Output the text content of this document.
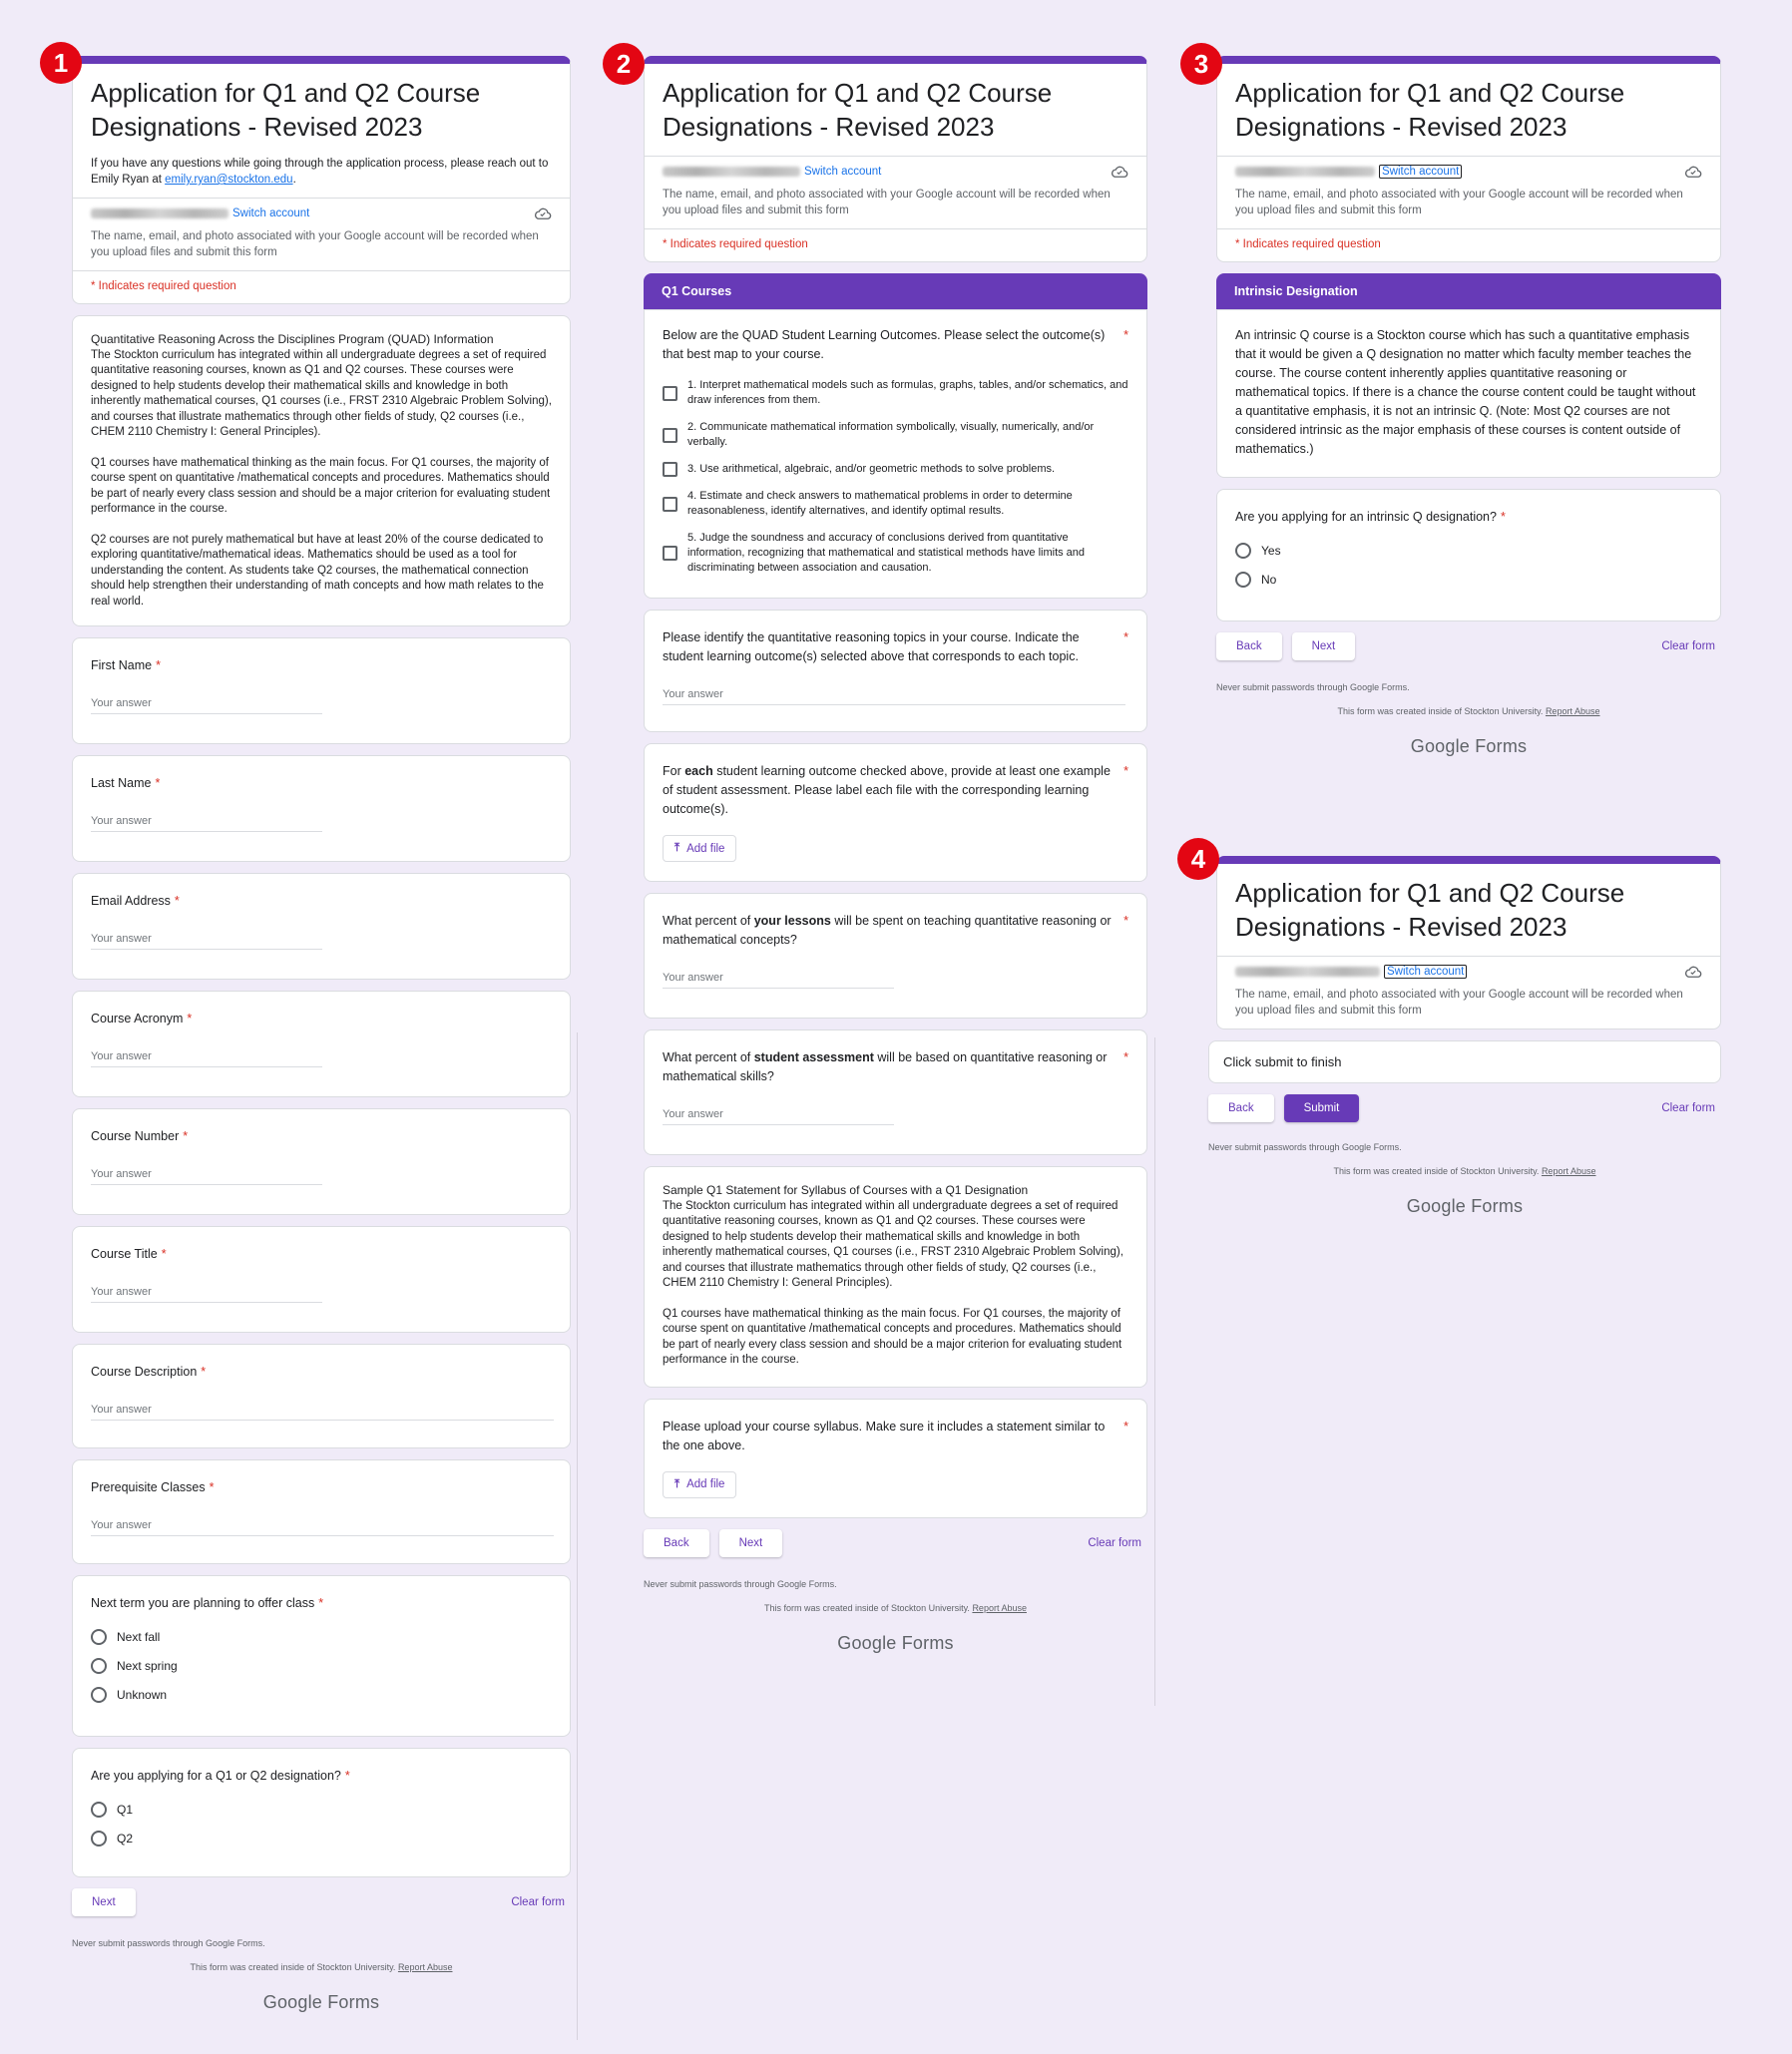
1	2	3
4
Application for Q1 and Q2 Course Designations - Revised 2023
If you have any questions while going through the application process, please reach out to Emily Ryan at emily.ryan@stockton.edu.
Switch account
The name, email, and photo associated with your Google account will be recorded when you upload files and submit this form
* Indicates required question
Quantitative Reasoning Across the Disciplines Program (QUAD) Information
The Stockton curriculum has integrated within all undergraduate degrees a set of required quantitative reasoning courses, known as Q1 and Q2 courses. These courses were designed to help students develop their mathematical skills and knowledge in both inherently mathematical courses, Q1 courses (i.e., FRST 2310 Algebraic Problem Solving), and courses that illustrate mathematics through other fields of study, Q2 courses (i.e., CHEM 2110 Chemistry I: General Principles).
Q1 courses have mathematical thinking as the main focus. For Q1 courses, the majority of course spent on quantitative /mathematical concepts and procedures. Mathematics should be part of nearly every class session and should be a major criterion for evaluating student performance in the course.
Q2 courses are not purely mathematical but have at least 20% of the course dedicated to exploring quantitative/mathematical ideas. Mathematics should be used as a tool for understanding the content. As students take Q2 courses, the mathematical connection should help strengthen their understanding of math concepts and how math relates to the real world.
First Name *
Your answer
Last Name *
Your answer
Email Address *
Your answer
Course Acronym *
Your answer
Course Number *
Your answer
Course Title *
Your answer
Course Description *
Your answer
Prerequisite Classes *
Your answer
Next term you are planning to offer class *
Next fall
Next spring
Unknown
Are you applying for a Q1 or Q2 designation? *
Q1
Q2
Next	Clear form
Never submit passwords through Google Forms.
This form was created inside of Stockton University. Report Abuse
Google Forms
Application for Q1 and Q2 Course Designations - Revised 2023
Switch account
The name, email, and photo associated with your Google account will be recorded when you upload files and submit this form
* Indicates required question
Q1 Courses
Below are the QUAD Student Learning Outcomes. Please select the outcome(s) that best map to your course.
*
1. Interpret mathematical models such as formulas, graphs, tables, and/or schematics, and draw inferences from them.
2. Communicate mathematical information symbolically, visually, numerically, and/or verbally.
3. Use arithmetical, algebraic, and/or geometric methods to solve problems.
4. Estimate and check answers to mathematical problems in order to determine reasonableness, identify alternatives, and identify optimal results.
5. Judge the soundness and accuracy of conclusions derived from quantitative information, recognizing that mathematical and statistical methods have limits and discriminating between association and causation.
Please identify the quantitative reasoning topics in your course. Indicate the student learning outcome(s) selected above that corresponds to each topic.
*
Your answer
For each student learning outcome checked above, provide at least one example of student assessment. Please label each file with the corresponding learning outcome(s).
*
⤒ Add file
What percent of your lessons will be spent on teaching quantitative reasoning or mathematical concepts?
*
Your answer
What percent of student assessment will be based on quantitative reasoning or mathematical skills?
*
Your answer
Sample Q1 Statement for Syllabus of Courses with a Q1 Designation
The Stockton curriculum has integrated within all undergraduate degrees a set of required quantitative reasoning courses, known as Q1 and Q2 courses. These courses were designed to help students develop their mathematical skills and knowledge in both inherently mathematical courses, Q1 courses (i.e., FRST 2310 Algebraic Problem Solving), and courses that illustrate mathematics through other fields of study, Q2 courses (i.e., CHEM 2110 Chemistry I: General Principles).
Q1 courses have mathematical thinking as the main focus. For Q1 courses, the majority of course spent on quantitative /mathematical concepts and procedures. Mathematics should be part of nearly every class session and should be a major criterion for evaluating student performance in the course.
Please upload your course syllabus. Make sure it includes a statement similar to the one above.
*
⤒ Add file
Back	Next	Clear form
Never submit passwords through Google Forms.
This form was created inside of Stockton University. Report Abuse
Google Forms
Application for Q1 and Q2 Course Designations - Revised 2023
Switch account
The name, email, and photo associated with your Google account will be recorded when you upload files and submit this form
* Indicates required question
Intrinsic Designation
An intrinsic Q course is a Stockton course which has such a quantitative emphasis that it would be given a Q designation no matter which faculty member teaches the course. The course content inherently applies quantitative reasoning or mathematical topics. If there is a chance the course content could be taught without a quantitative emphasis, it is not an intrinsic Q. (Note: Most Q2 courses are not considered intrinsic as the major emphasis of these courses is content outside of mathematics.)
Are you applying for an intrinsic Q designation? *
Yes
No
Back	Next	Clear form
Never submit passwords through Google Forms.
This form was created inside of Stockton University. Report Abuse
Google Forms
Application for Q1 and Q2 Course Designations - Revised 2023
Switch account
The name, email, and photo associated with your Google account will be recorded when you upload files and submit this form
Click submit to finish
Back	Submit	Clear form
Never submit passwords through Google Forms.
This form was created inside of Stockton University. Report Abuse
Google Forms
